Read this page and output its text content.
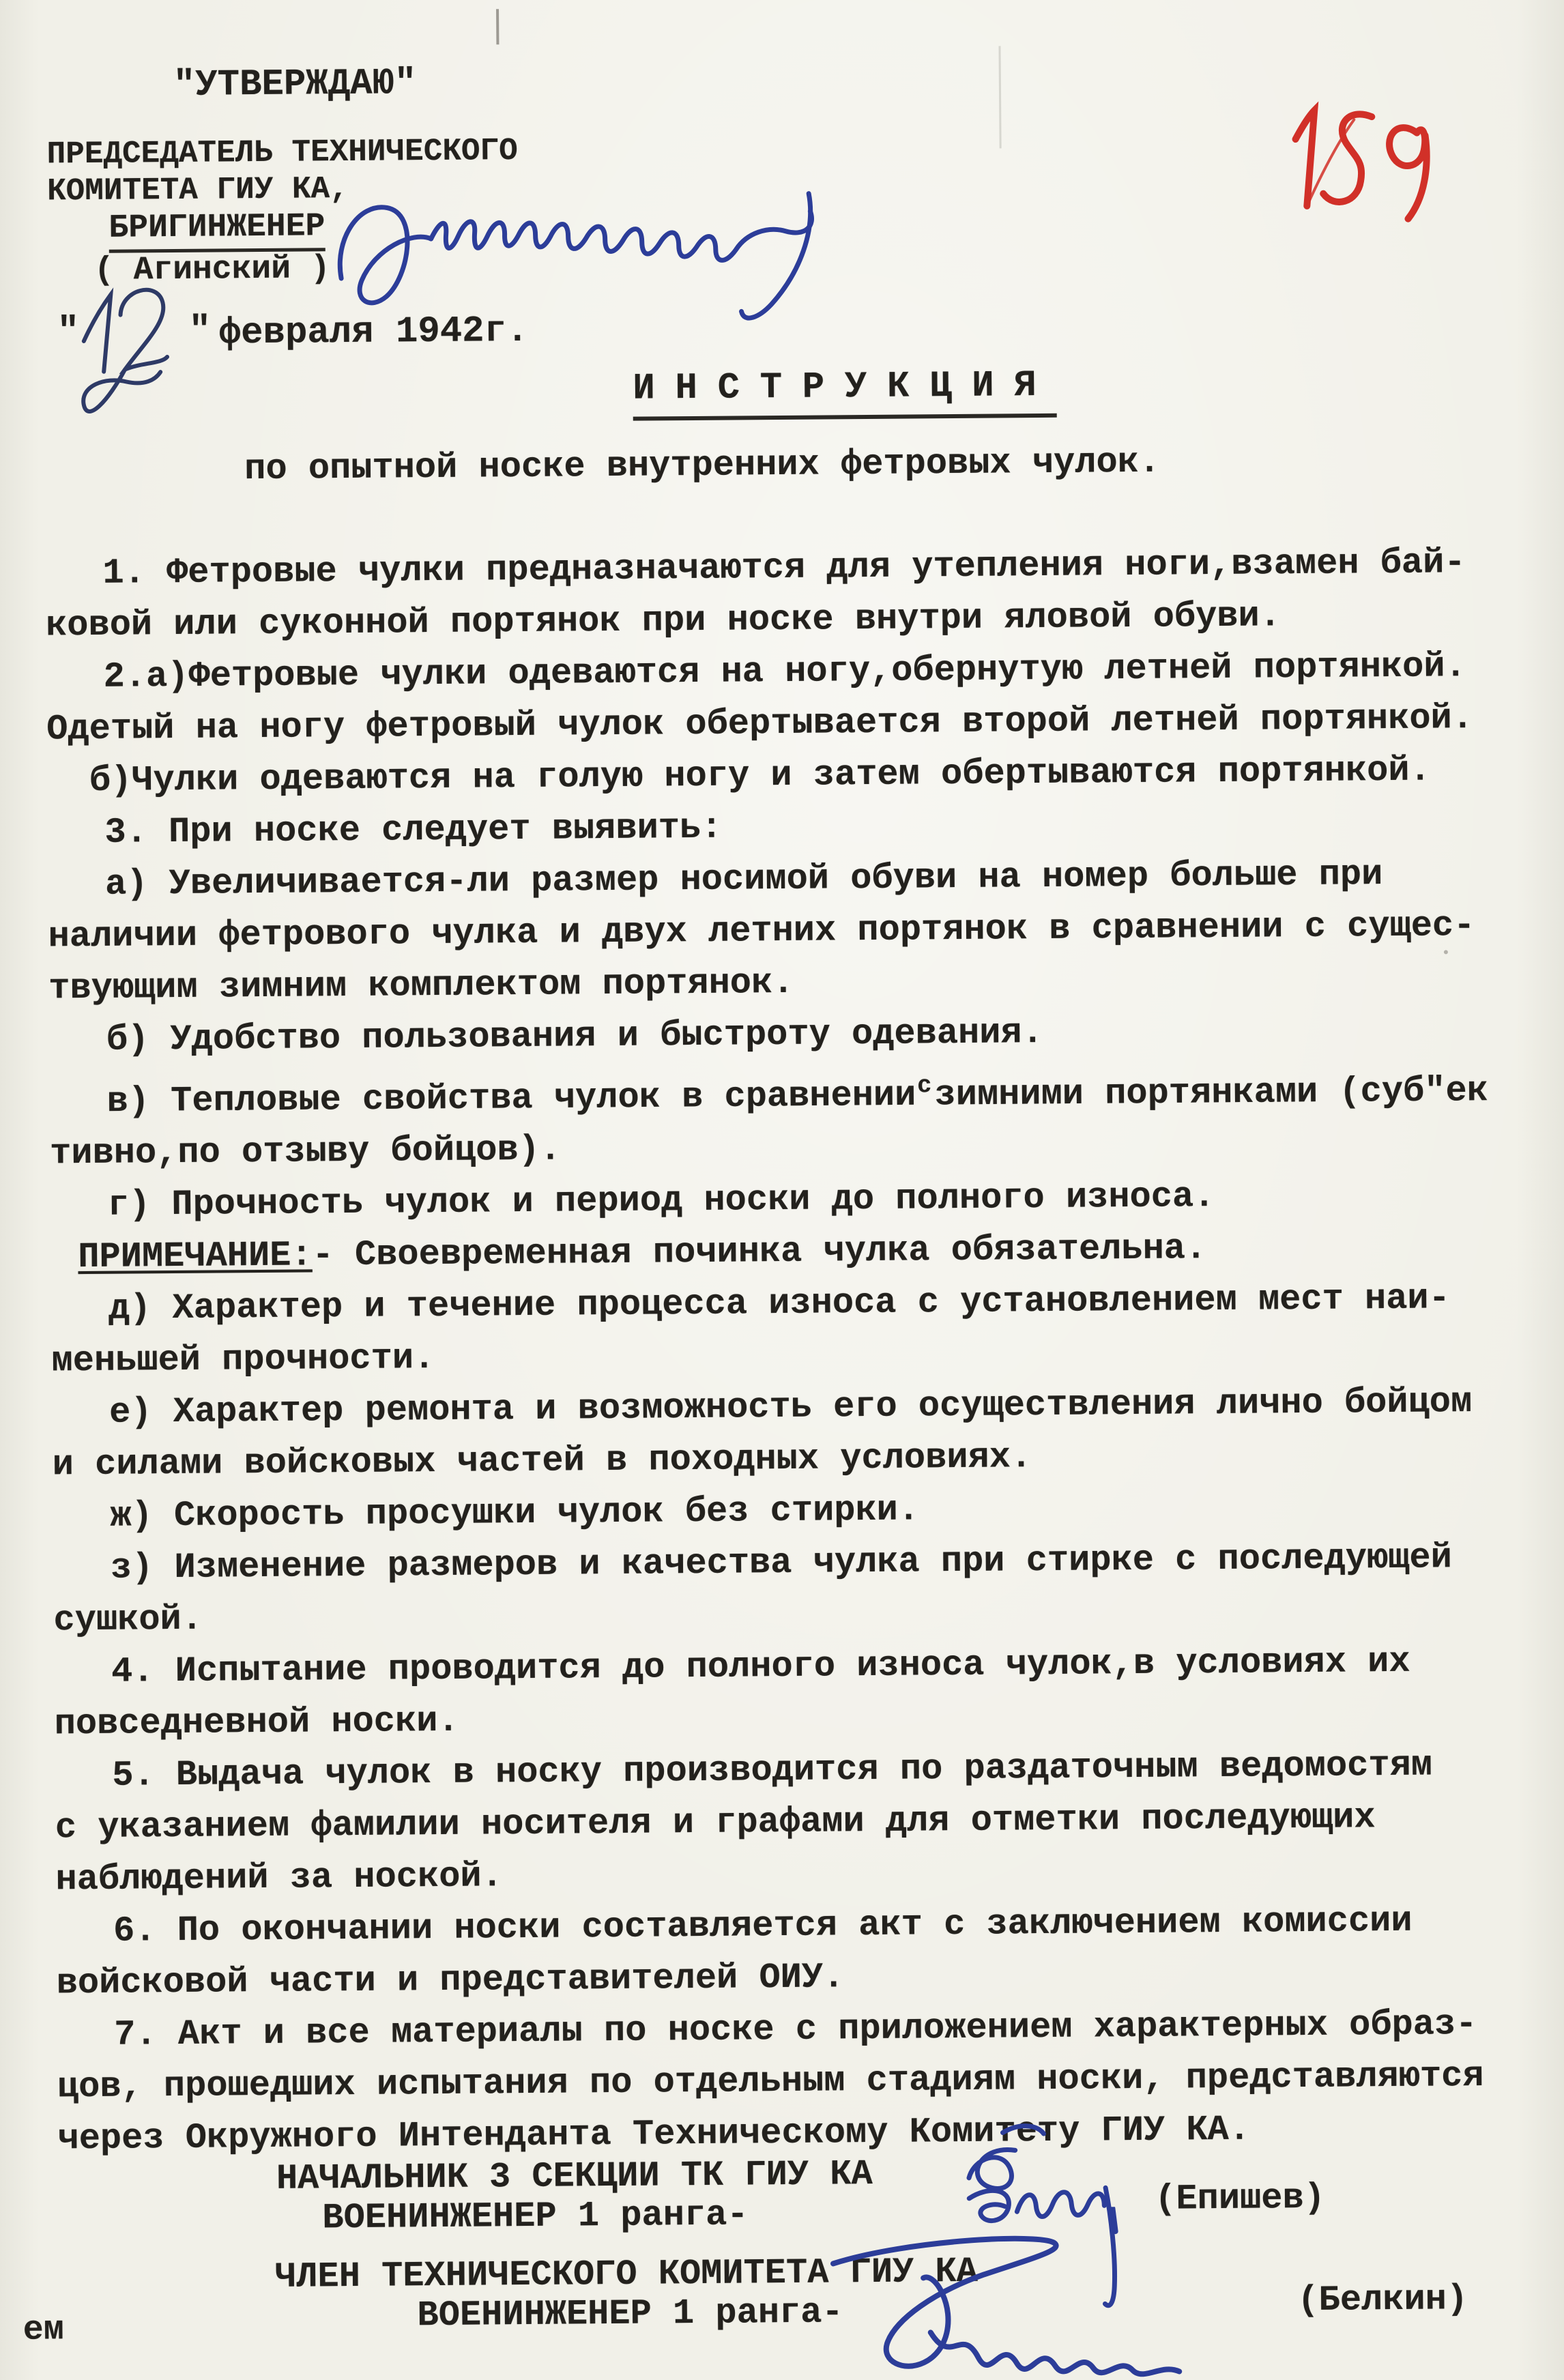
"УТВЕРЖДАЮ"
ПРЕДСЕДАТЕЛЬ ТЕХНИЧЕСКОГО
КОМИТЕТА ГИУ КА,
БРИГИНЖЕНЕР
( Агинский )
"	" февраля 1942г.
ИНСТРУКЦИЯ
по опытной носке внутренних фетровых чулок.
1. Фетровые чулки предназначаются для утепления ноги,взамен бай-
ковой или суконной портянок при носке внутри яловой обуви.
2.а)Фетровые чулки одеваются на ногу,обернутую летней портянкой.
Одетый на ногу фетровый чулок обертывается второй летней портянкой.
б)Чулки одеваются на голую ногу и затем обертываются портянкой.
3. При носке следует выявить:
а) Увеличивается-ли размер носимой обуви на номер больше при
наличии фетрового чулка и двух летних портянок в сравнении с сущес-
твующим зимним комплектом портянок.
б) Удобство пользования и быстроту одевания.
в) Тепловые свойства чулок в сравнении$^с$зимними портянками (суб"ек
тивно,по отзыву бойцов).
г) Прочность чулок и период носки до полного износа.
ПРИМЕЧАНИЕ:- Своевременная починка чулка обязательна.
д) Характер и течение процесса износа с установлением мест наи-
меньшей прочности.
е) Характер ремонта и возможность его осуществления лично бойцом
и силами войсковых частей в походных условиях.
ж) Скорость просушки чулок без стирки.
з) Изменение размеров и качества чулка при стирке с последующей
сушкой.
4. Испытание проводится до полного износа чулок,в условиях их
повседневной носки.
5. Выдача чулок в носку производится по раздаточным ведомостям
с указанием фамилии носителя и графами для отметки последующих
наблюдений за ноской.
6. По окончании носки составляется акт с заключением комиссии
войсковой части и представителей ОИУ.
7. Акт и все материалы по носке с приложением характерных образ-
цов, прошедших испытания по отдельным стадиям носки, представляются
через Окружного Интенданта Техническому Комитету ГИУ КА.
НАЧАЛЬНИК 3 СЕКЦИИ ТК ГИУ КА
ВОЕНИНЖЕНЕР 1 ранга-	(Епишев)
ЧЛЕН ТЕХНИЧЕСКОГО КОМИТЕТА ГИУ КА
ВОЕНИНЖЕНЕР 1 ранга-	(Белкин)
ем
